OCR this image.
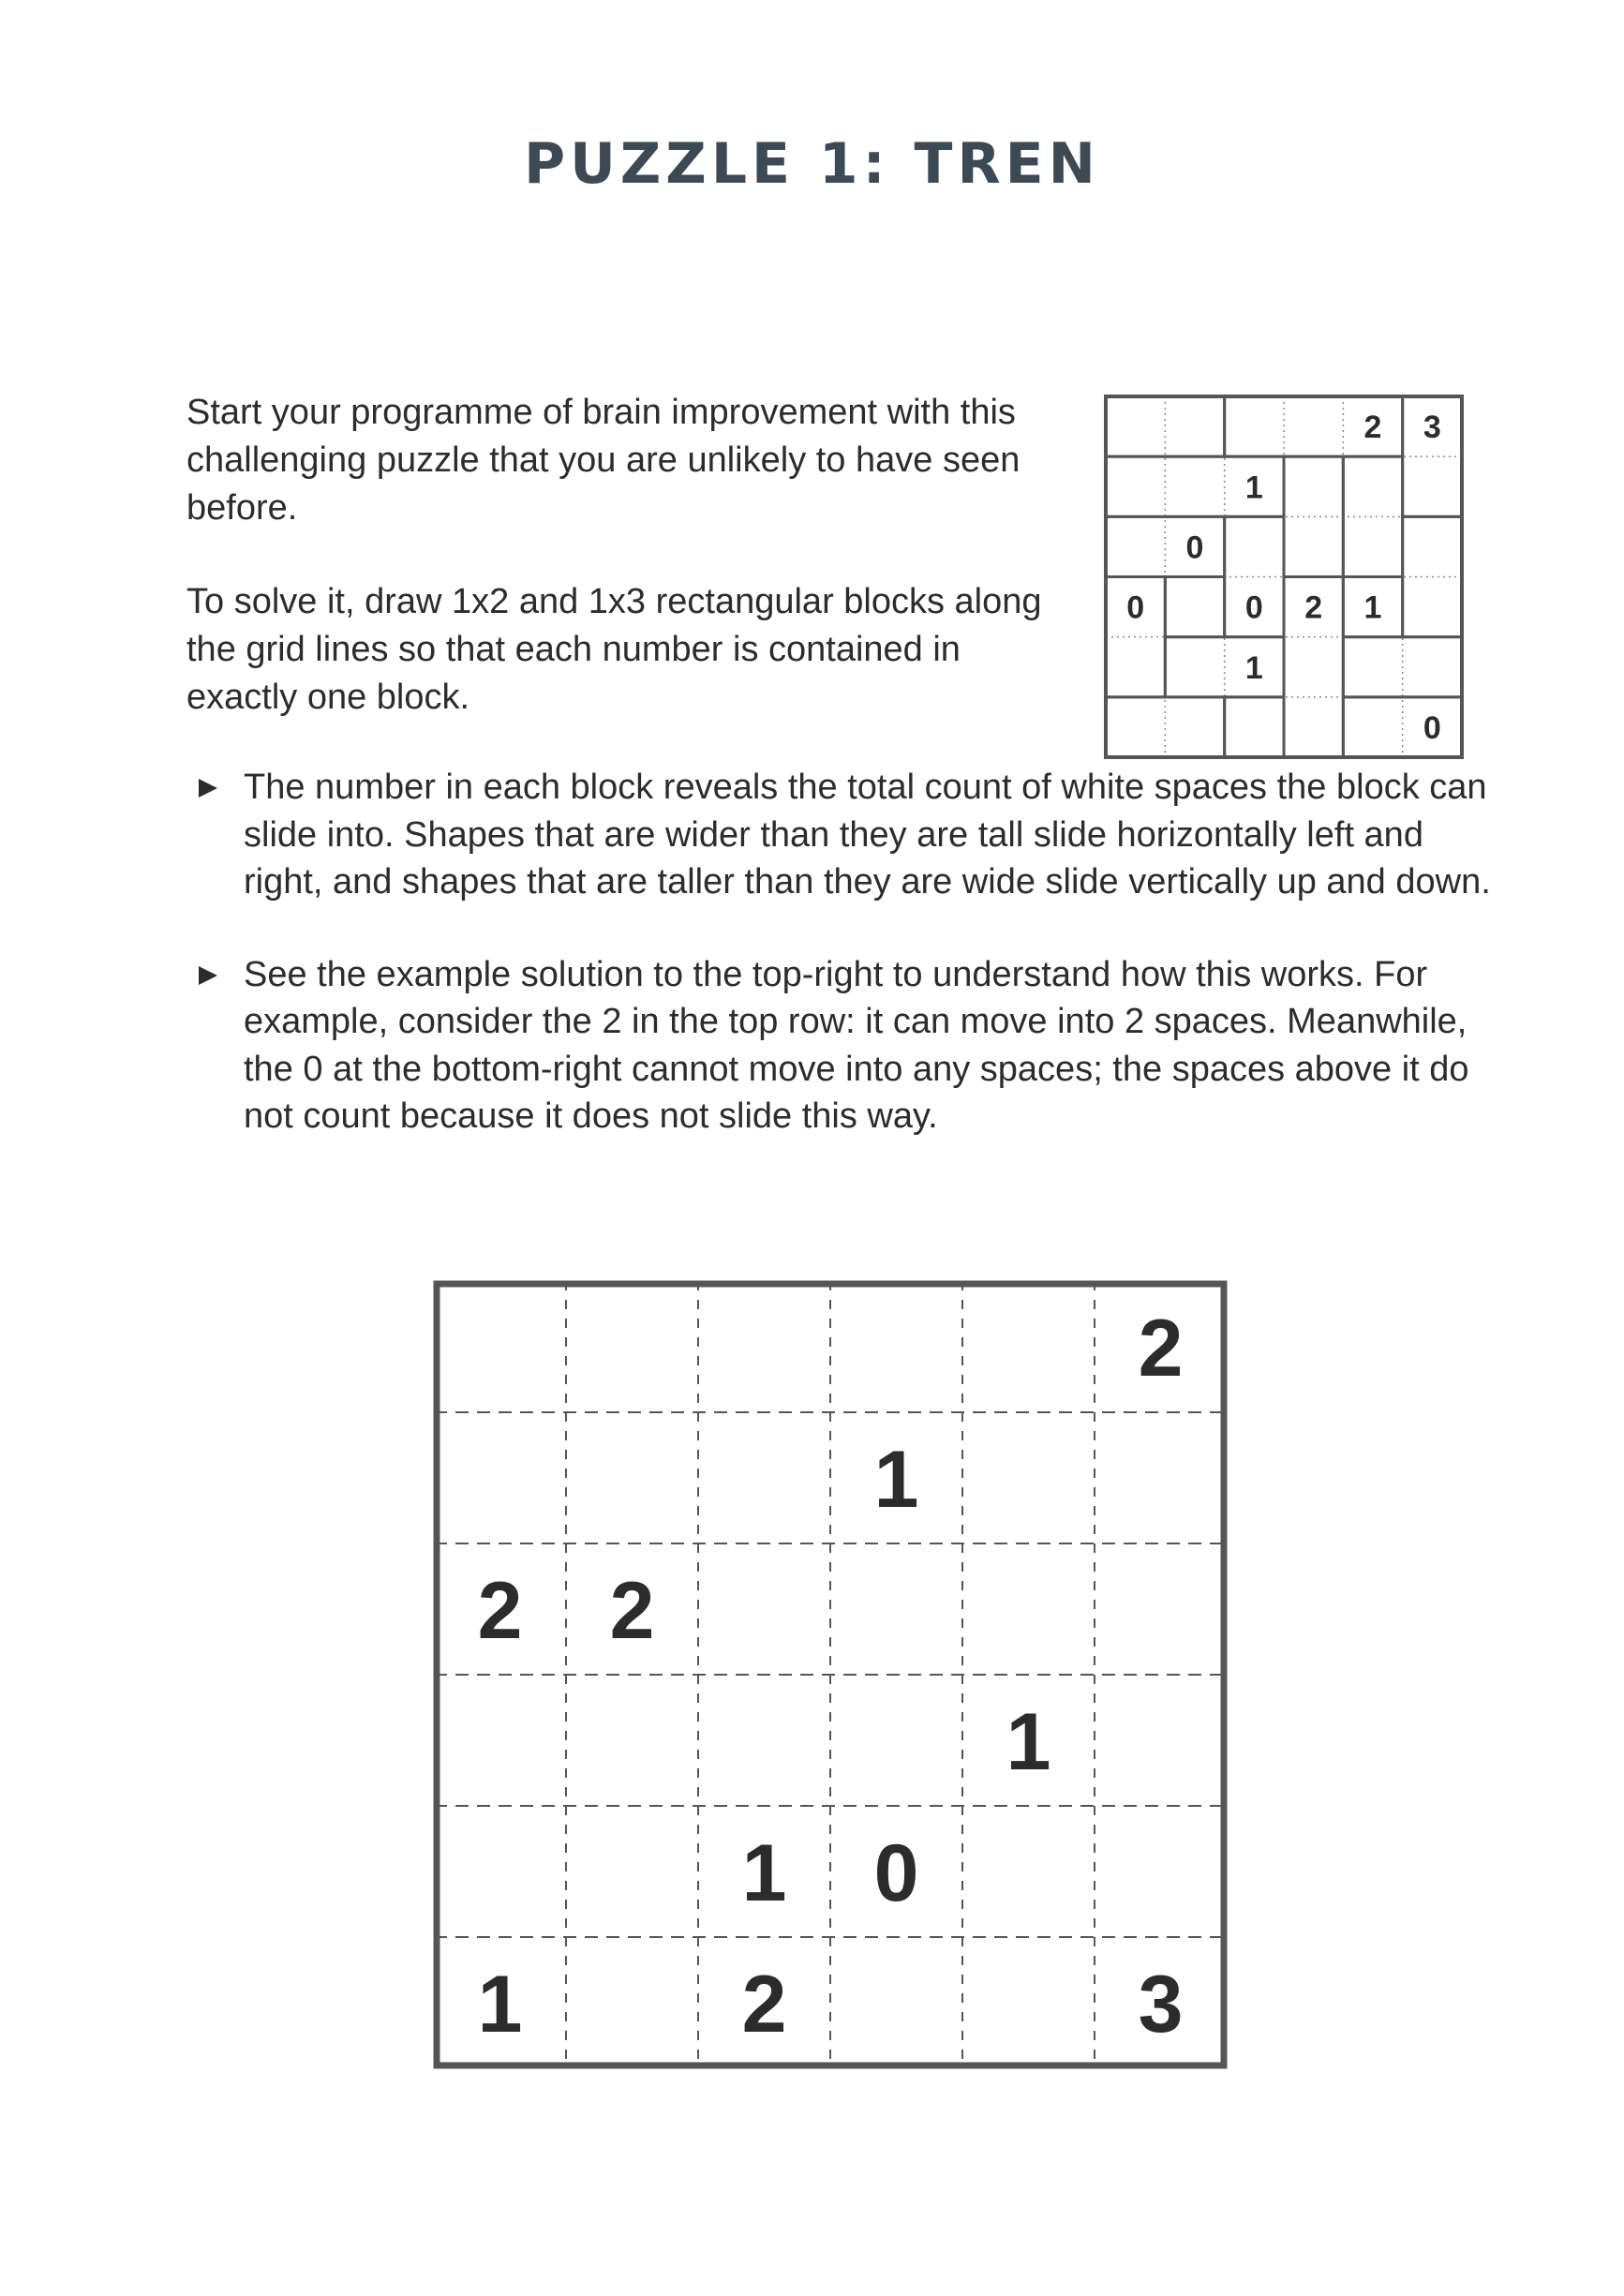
PUZZLE 1: TREN

Start your programme of brain improvement with this challenging puzzle that you are unlikely to have seen before.

To solve it, draw 1x2 and 1x3 rectangular blocks along the grid lines so that each number is contained in exactly one block.

The number in each block reveals the total count of white spaces the block can slide into. Shapes that are wider than they are tall slide horizontally left and right, and shapes that are taller than they are wide slide vertically up and down.
See the example solution to the top-right to understand how this works. For example, consider the 2 in the top row: it can move into 2 spaces. Meanwhile, the 0 at the bottom-right cannot move into any spaces; the spaces above it do not count because it does not slide this way.
2 3
1
0
0	0 2 1
1
0
2
1
2 2
1
1 0
1	2	3
